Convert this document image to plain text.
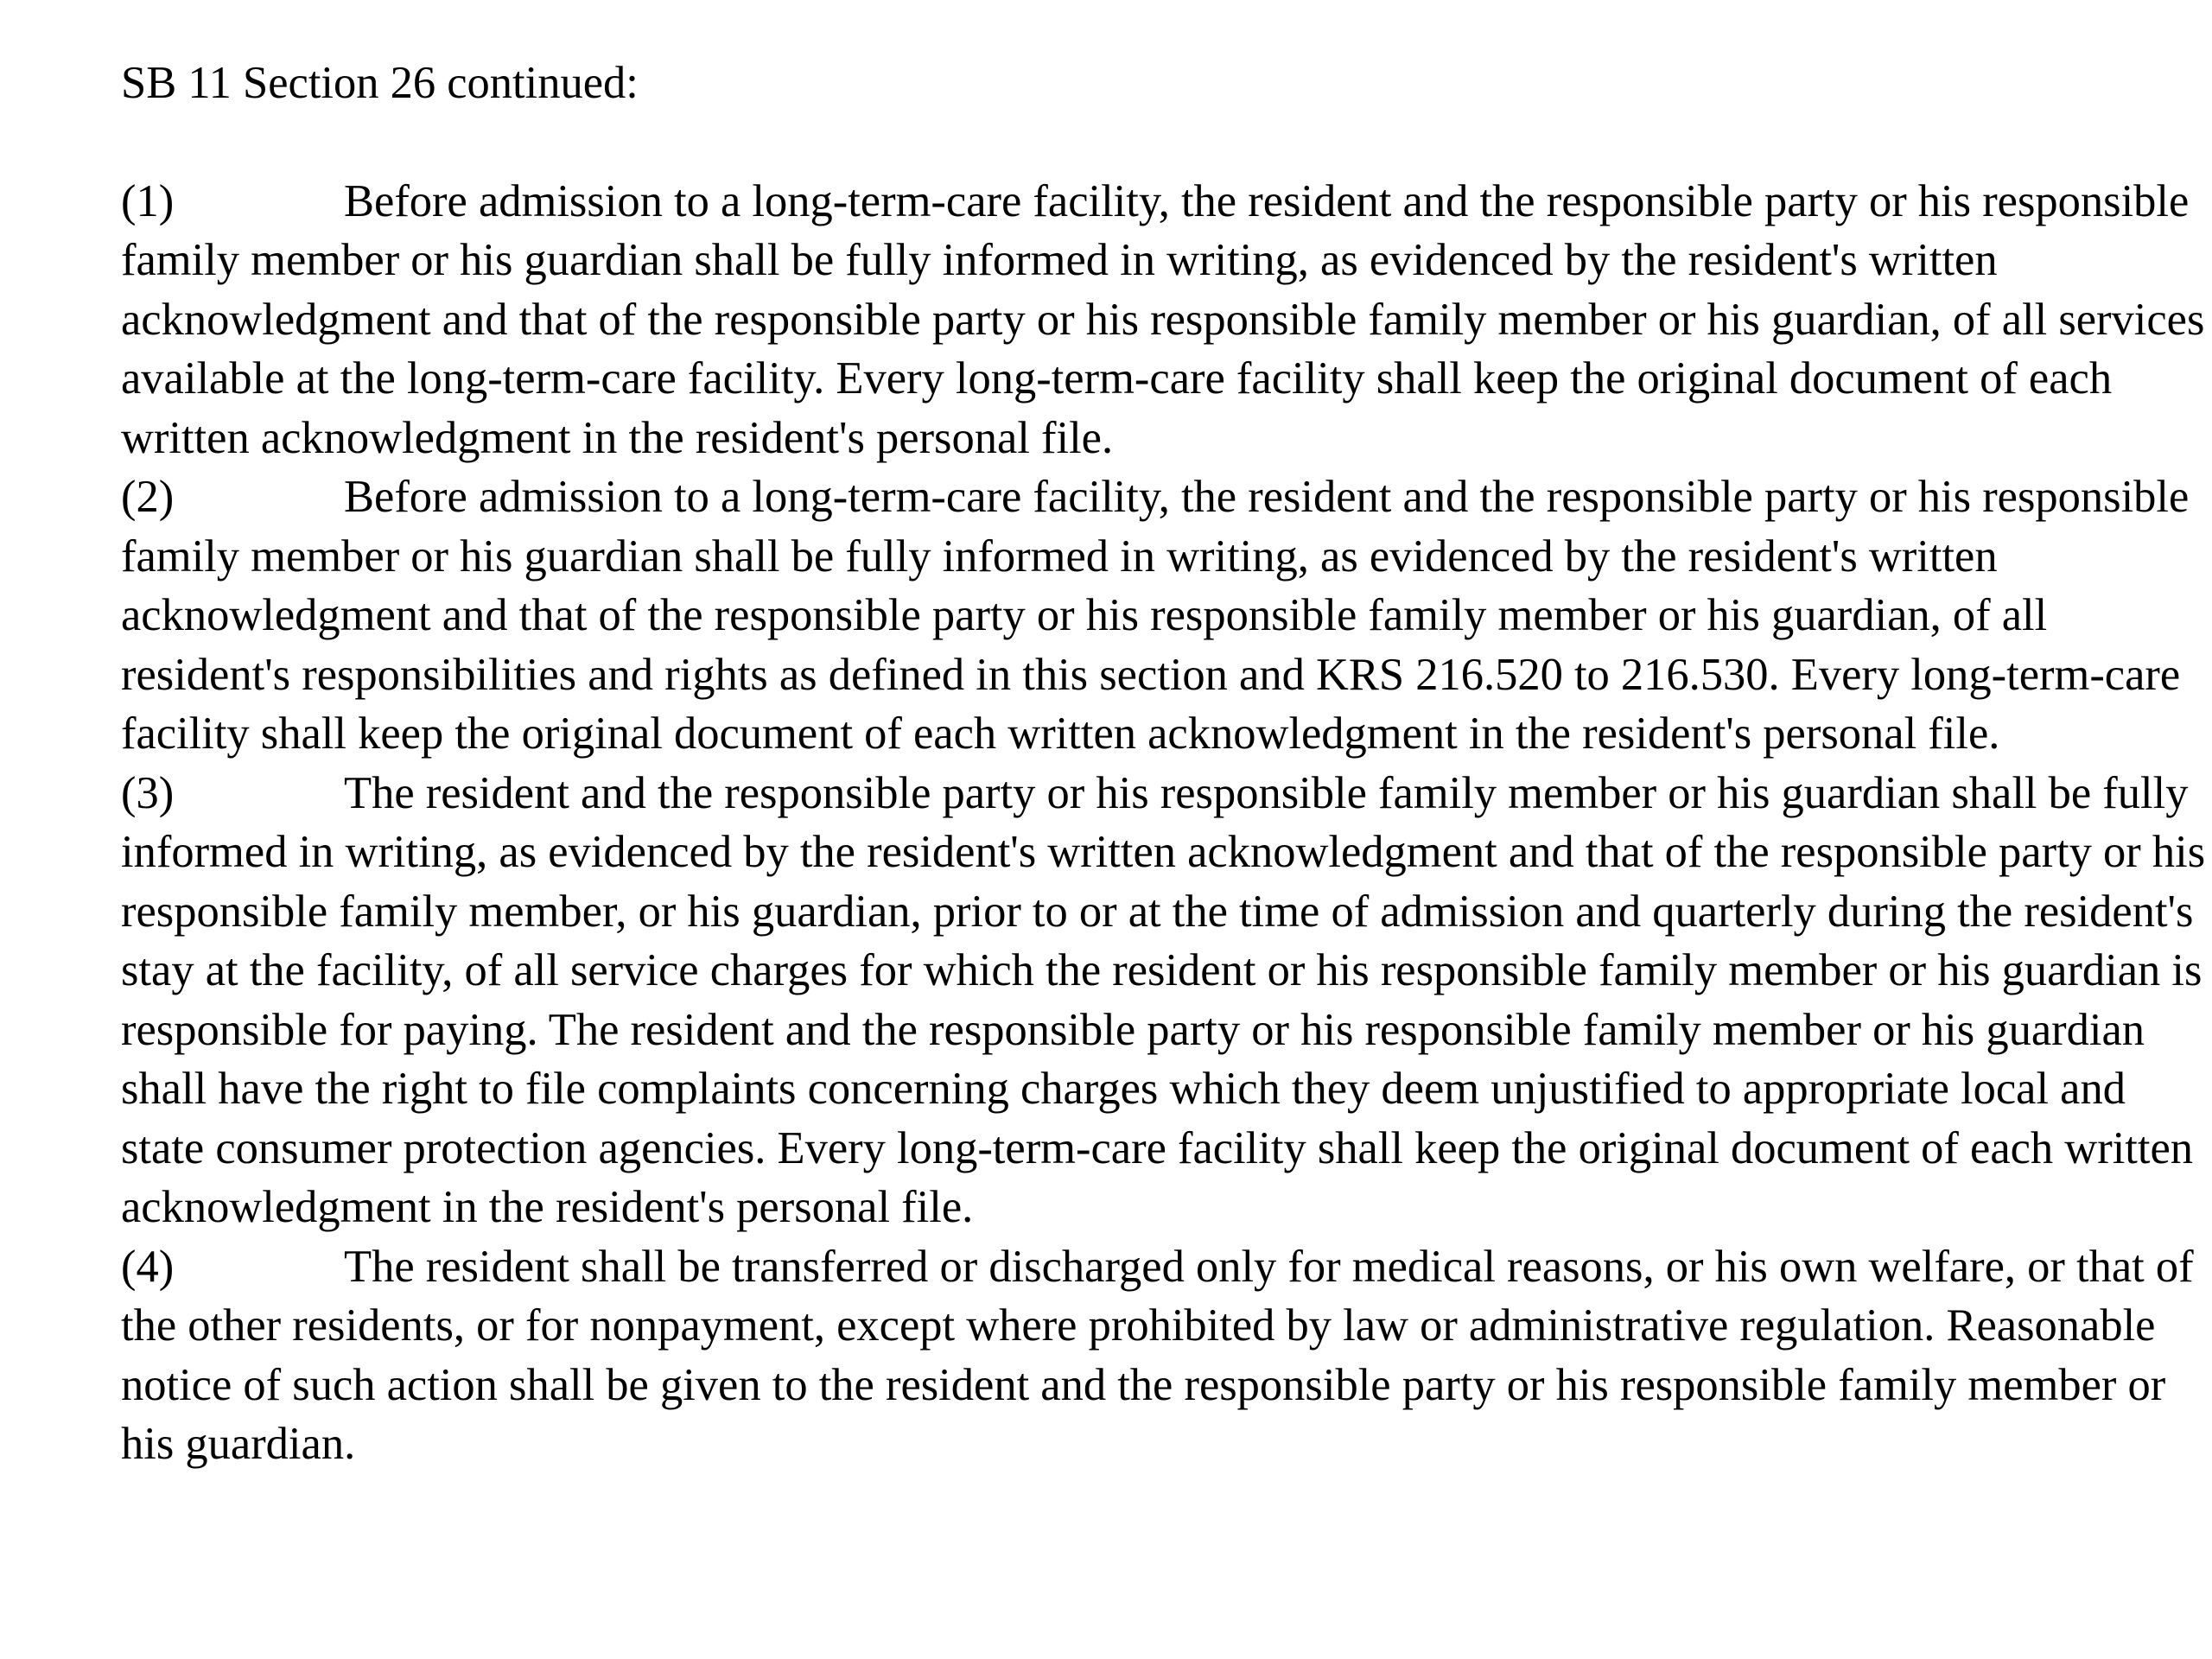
SB 11 Section 26 continued:

(1)	Before admission to a long-term-care facility, the resident and the responsible party or his responsible family member or his guardian shall be fully informed in writing, as evidenced by the resident's written acknowledgment and that of the responsible party or his responsible family member or his guardian, of all services available at the long-term-care facility. Every long-term-care facility shall keep the original document of each written acknowledgment in the resident's personal file.

(2)	Before admission to a long-term-care facility, the resident and the responsible party or his responsible family member or his guardian shall be fully informed in writing, as evidenced by the resident's written acknowledgment and that of the responsible party or his responsible family member or his guardian, of all resident's responsibilities and rights as defined in this section and KRS 216.520 to 216.530. Every long-term-care facility shall keep the original document of each written acknowledgment in the resident's personal file.

(3)	The resident and the responsible party or his responsible family member or his guardian shall be fully informed in writing, as evidenced by the resident's written acknowledgment and that of the responsible party or his responsible family member, or his guardian, prior to or at the time of admission and quarterly during the resident's stay at the facility, of all service charges for which the resident or his responsible family member or his guardian is responsible for paying. The resident and the responsible party or his responsible family member or his guardian shall have the right to file complaints concerning charges which they deem unjustified to appropriate local and state consumer protection agencies. Every long-term-care facility shall keep the original document of each written acknowledgment in the resident's personal file.

(4)	The resident shall be transferred or discharged only for medical reasons, or his own welfare, or that of the other residents, or for nonpayment, except where prohibited by law or administrative regulation. Reasonable notice of such action shall be given to the resident and the responsible party or his responsible family member or his guardian.
